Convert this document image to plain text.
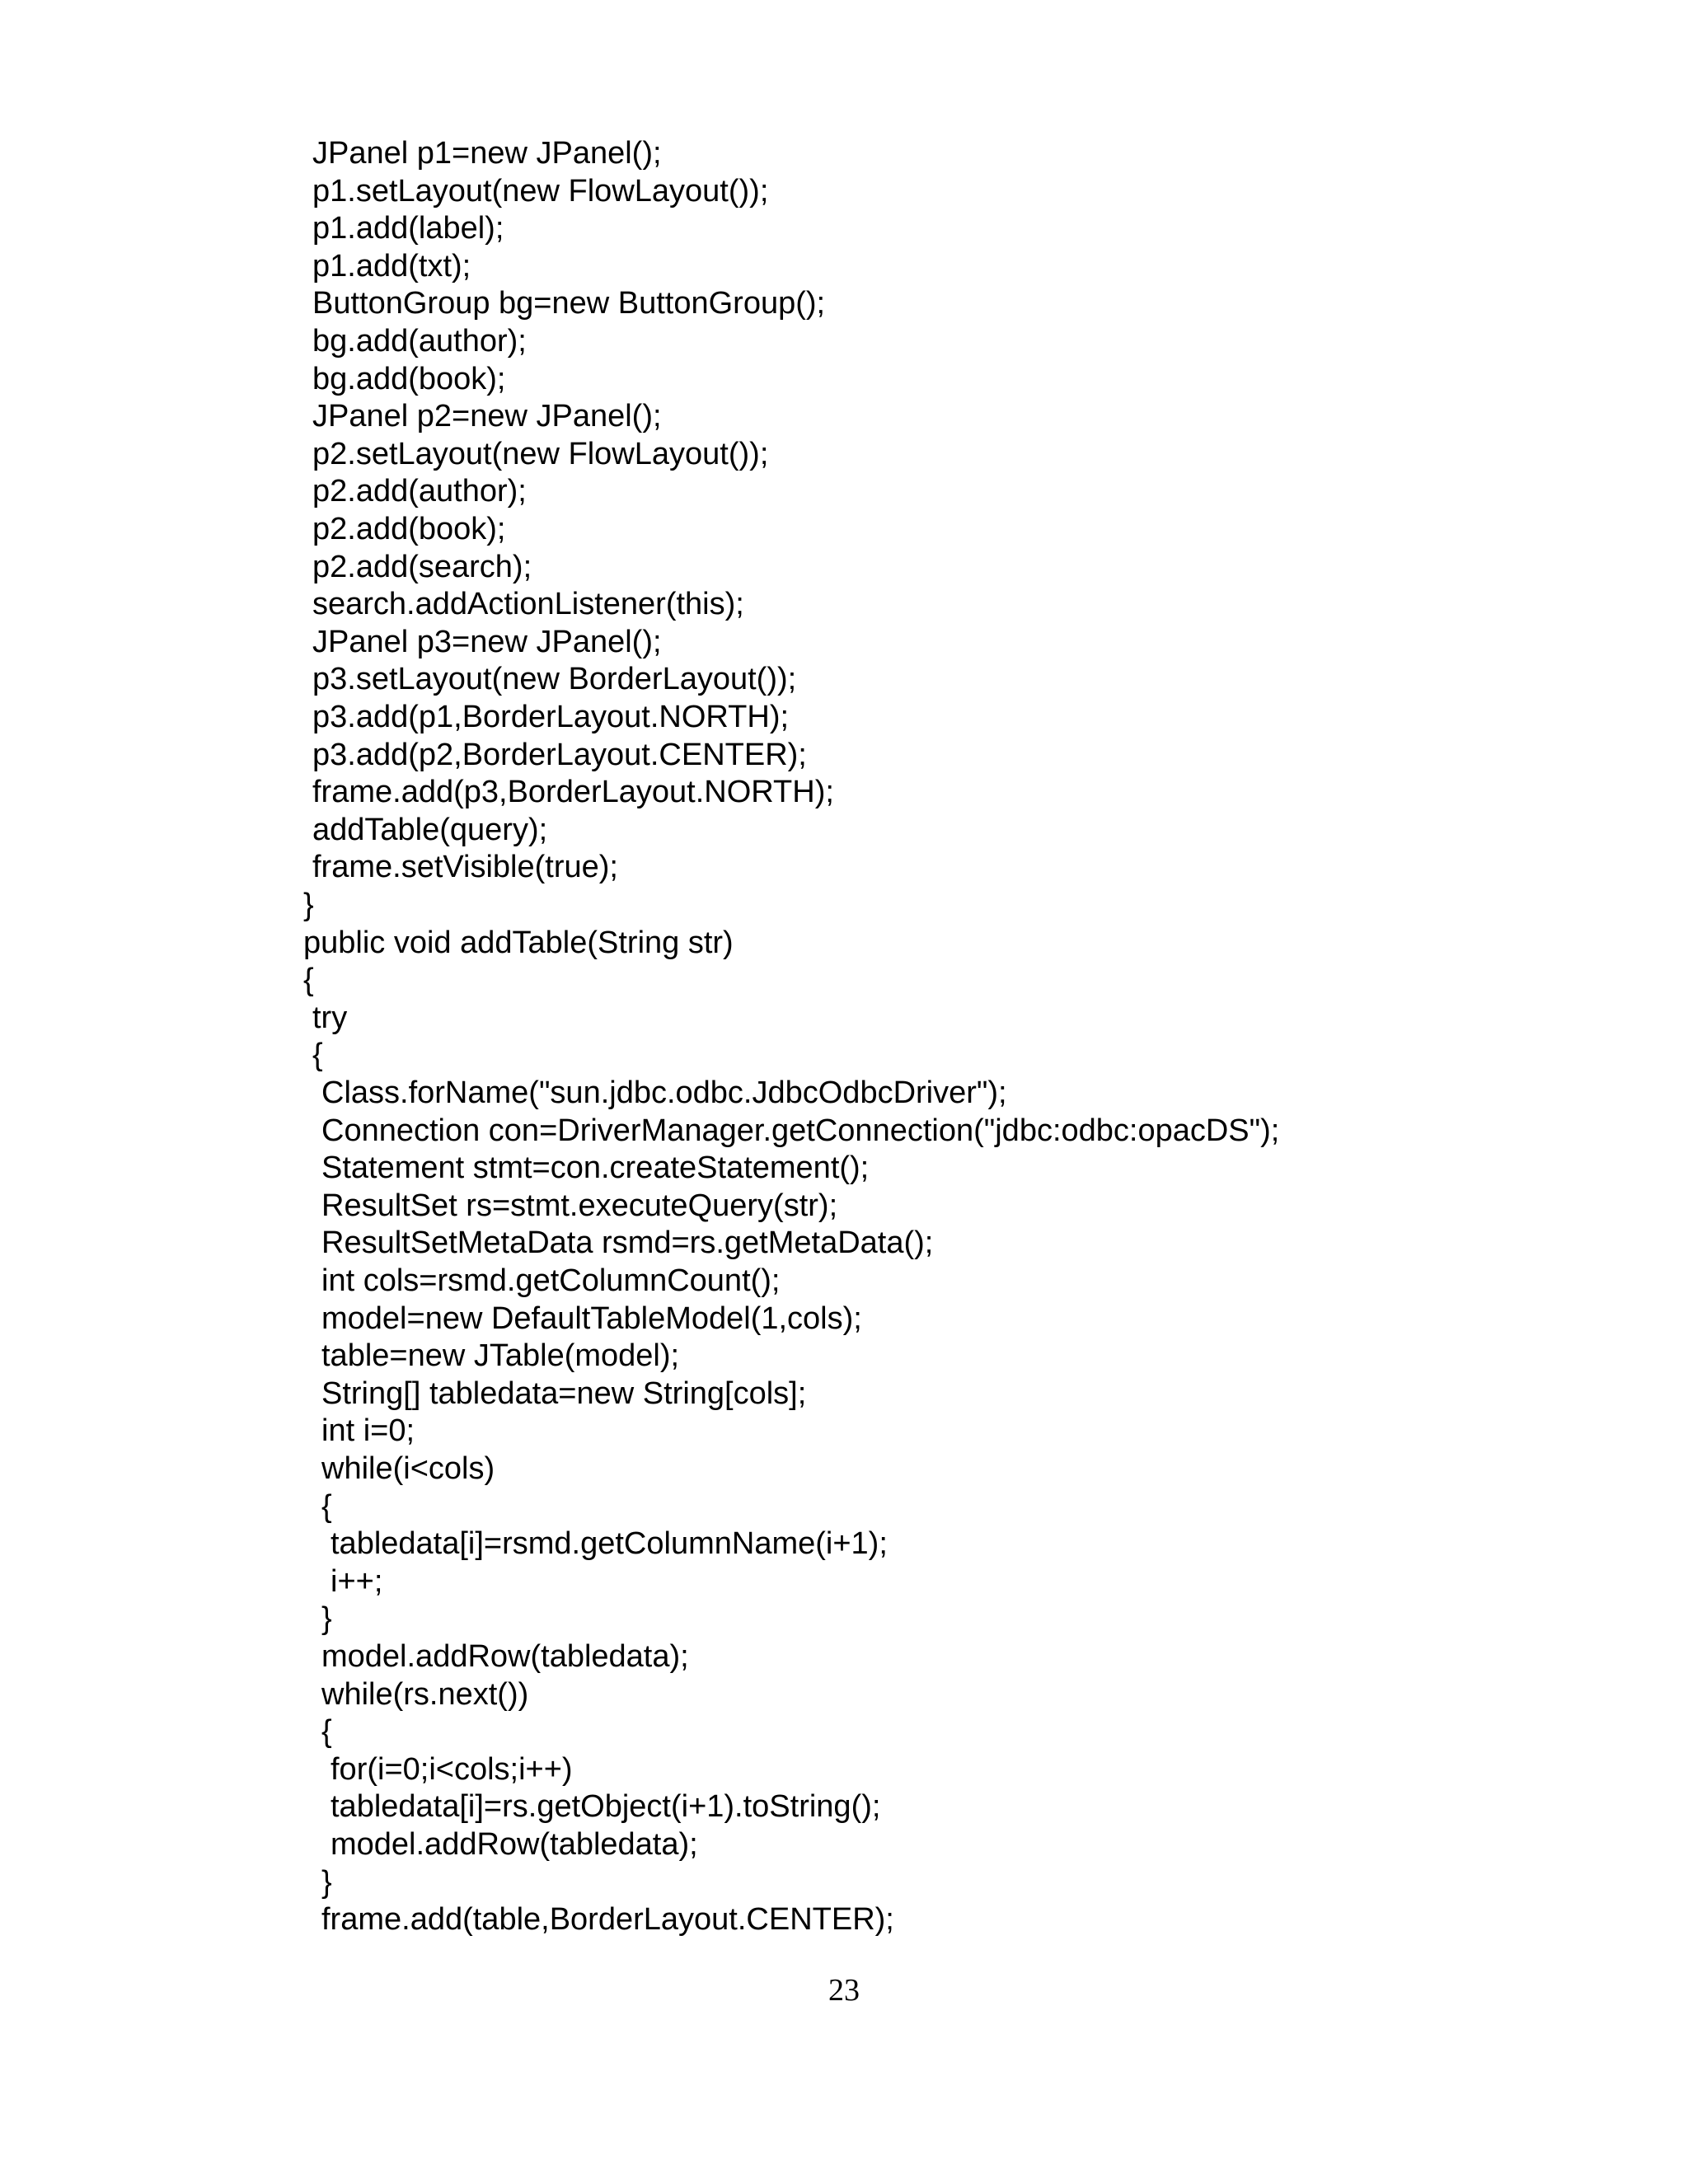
JPanel p1=new JPanel();
p1.setLayout(new FlowLayout());
p1.add(label);
p1.add(txt);
ButtonGroup bg=new ButtonGroup();
bg.add(author);
bg.add(book);
JPanel p2=new JPanel();
p2.setLayout(new FlowLayout());
p2.add(author);
p2.add(book);
p2.add(search);
search.addActionListener(this);
JPanel p3=new JPanel();
p3.setLayout(new BorderLayout());
p3.add(p1,BorderLayout.NORTH);
p3.add(p2,BorderLayout.CENTER);
frame.add(p3,BorderLayout.NORTH);
addTable(query);
frame.setVisible(true);
}
public void addTable(String str)
{
try
{
Class.forName("sun.jdbc.odbc.JdbcOdbcDriver");
Connection con=DriverManager.getConnection("jdbc:odbc:opacDS");
Statement stmt=con.createStatement();
ResultSet rs=stmt.executeQuery(str);
ResultSetMetaData rsmd=rs.getMetaData();
int cols=rsmd.getColumnCount();
model=new DefaultTableModel(1,cols);
table=new JTable(model);
String[] tabledata=new String[cols];
int i=0;
while(i<cols)
{
tabledata[i]=rsmd.getColumnName(i+1);
i++;
}
model.addRow(tabledata);
while(rs.next())
{
for(i=0;i<cols;i++)
tabledata[i]=rs.getObject(i+1).toString();
model.addRow(tabledata);
}
frame.add(table,BorderLayout.CENTER);
23
